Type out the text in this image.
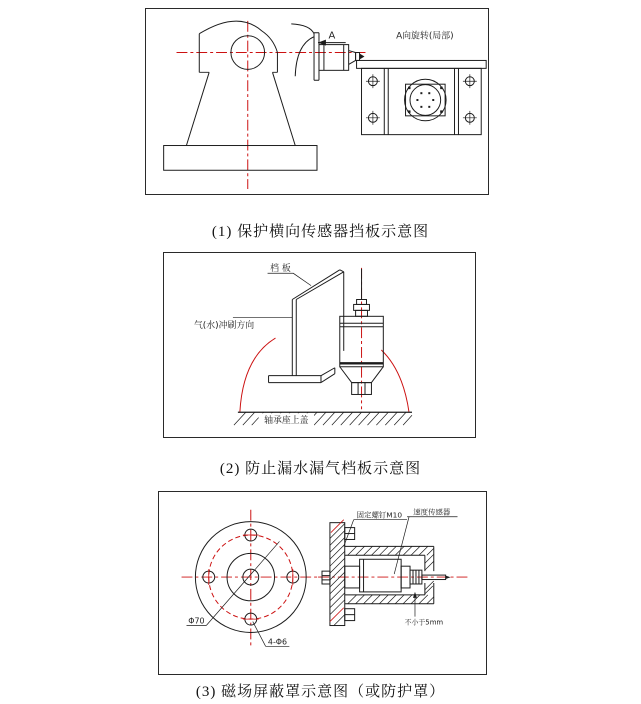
A	A向旋转(局部)
(1) 保护横向传感器挡板示意图
档 板
气(水)冲刷方向
轴承座上盖
(2) 防止漏水漏气档板示意图
Φ70
4-Φ6
不小于5mm
固定螺钉M10 速度传感器
(3) 磁场屏蔽罩示意图（或防护罩）
